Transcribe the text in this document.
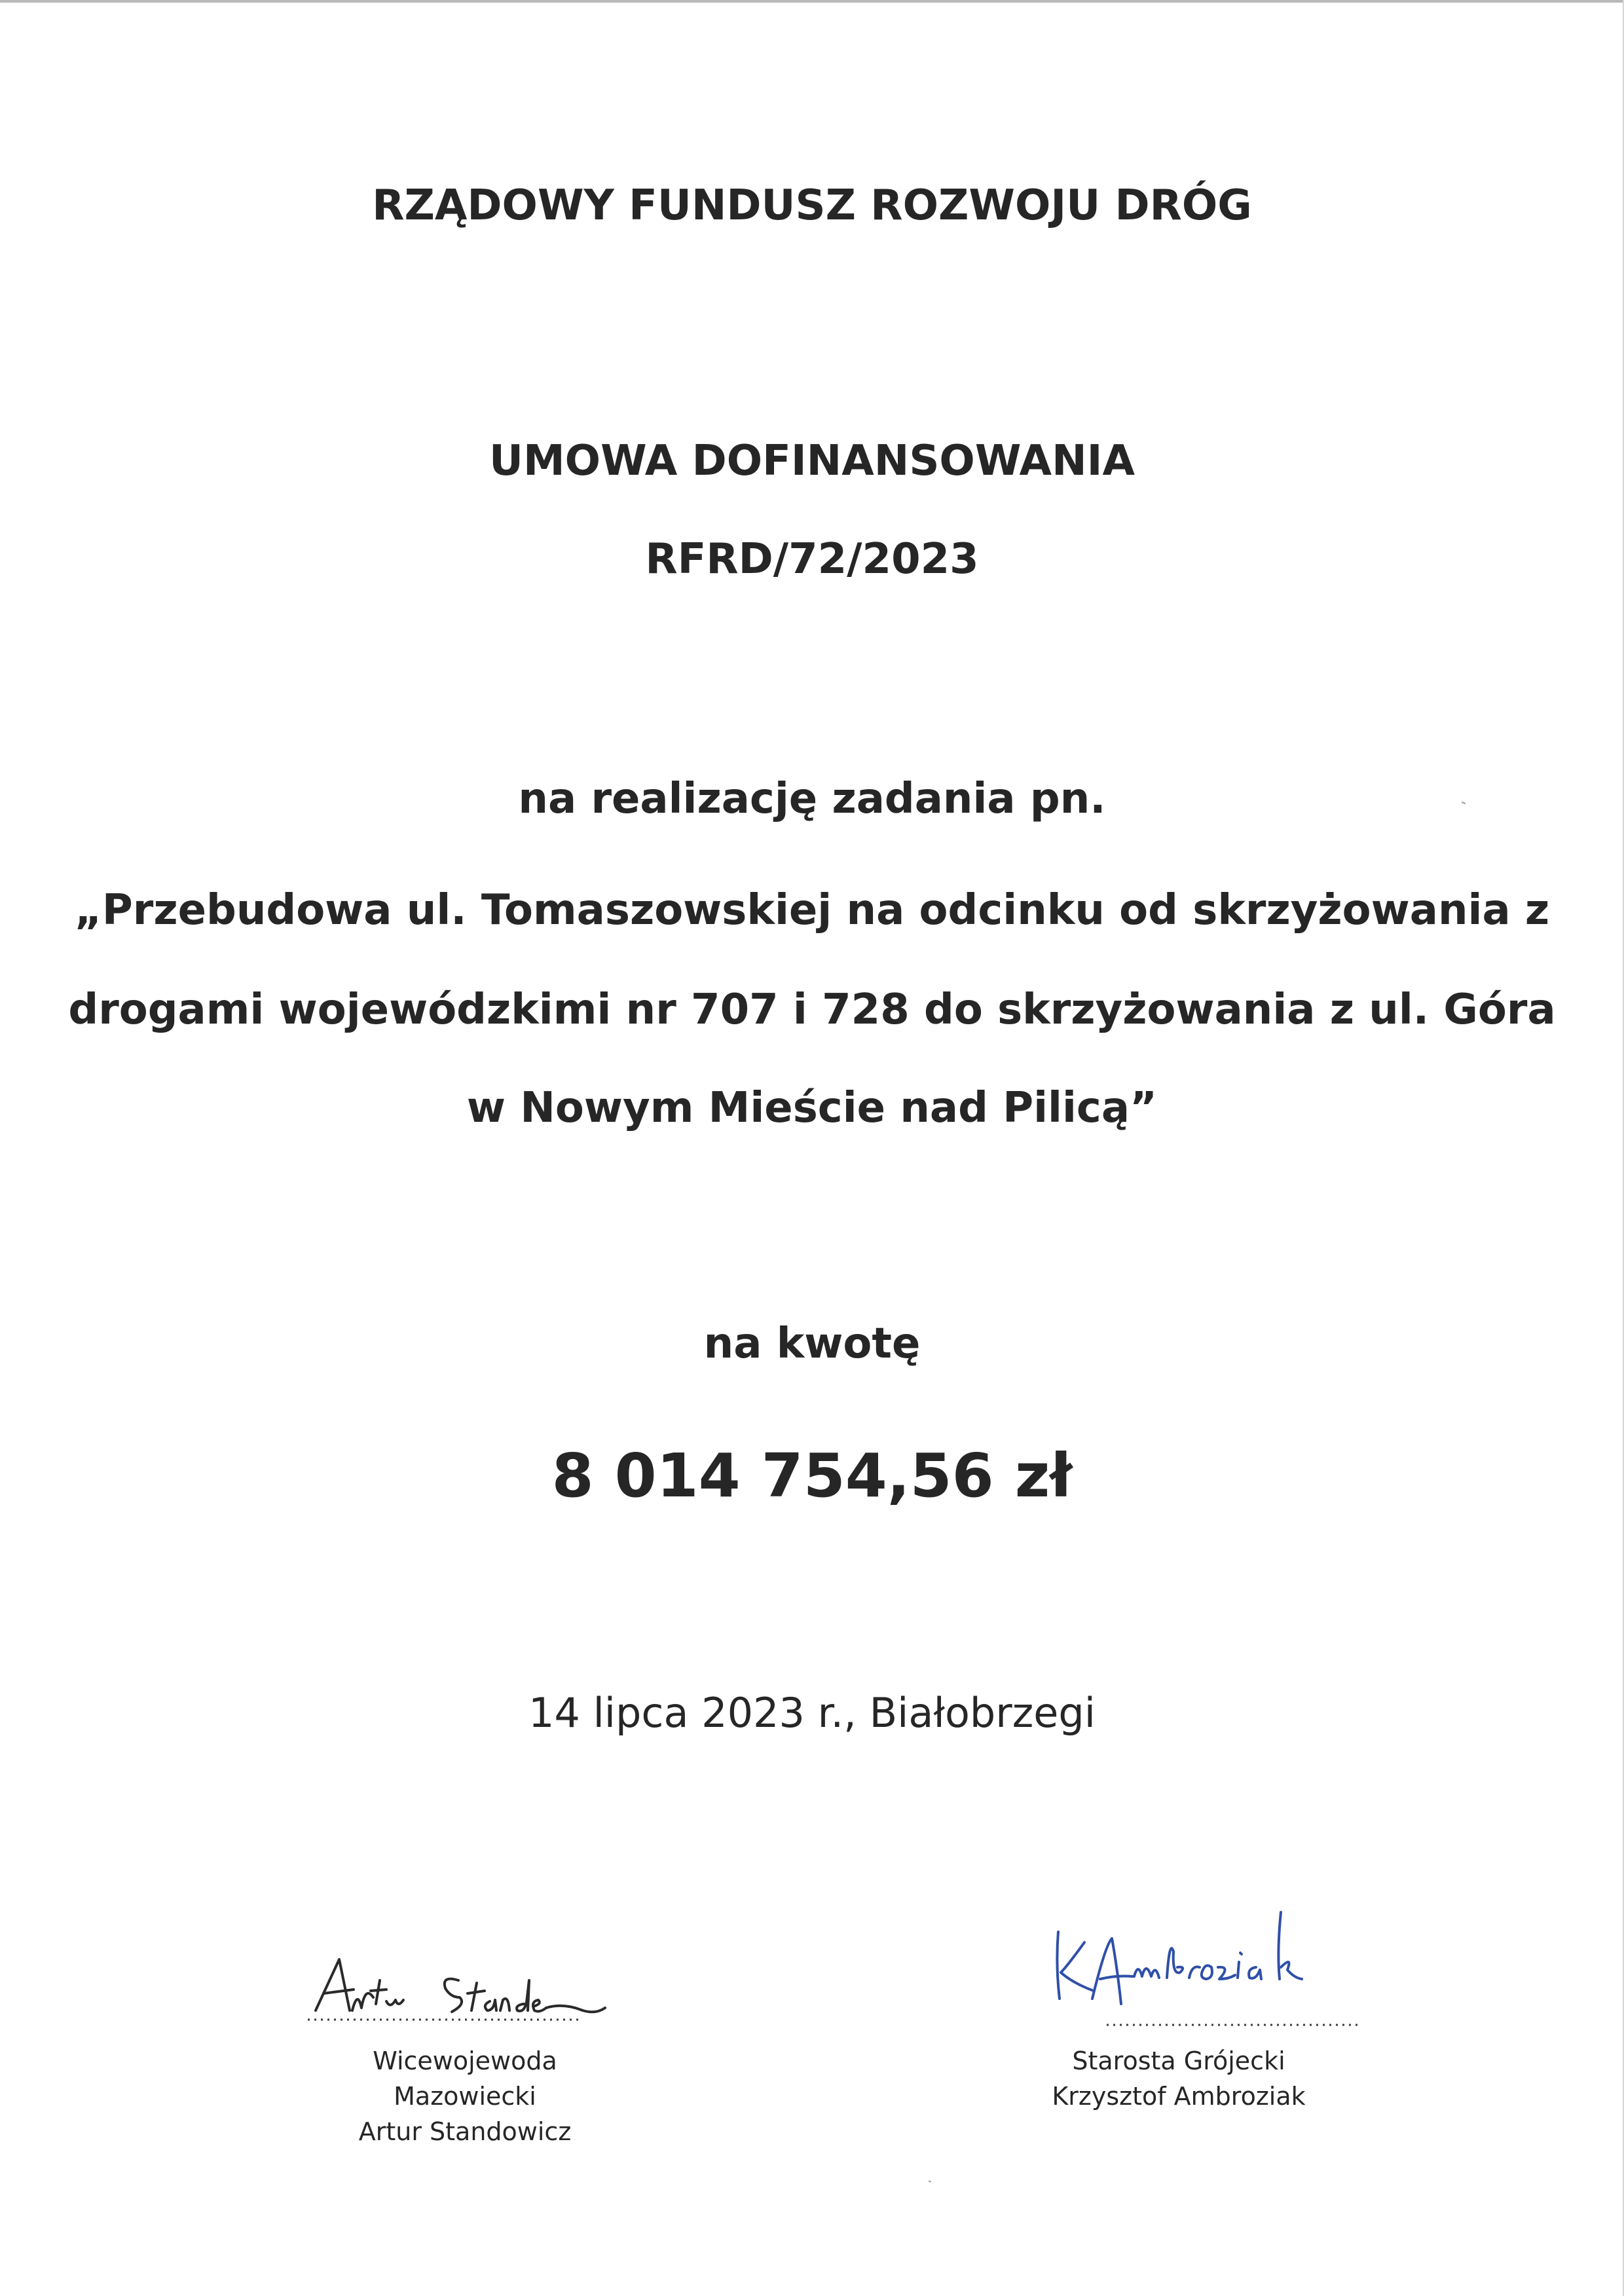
RZĄDOWY FUNDUSZ ROZWOJU DRÓG
UMOWA DOFINANSOWANIA
RFRD/72/2023
na realizację zadania pn.
„Przebudowa ul. Tomaszowskiej na odcinku od skrzyżowania z
drogami wojewódzkimi nr 707 i 728 do skrzyżowania z ul. Góra
w Nowym Mieście nad Pilicą”
na kwotę
8 014 754,56 zł
14 lipca 2023 r., Białobrzegi
Wicewojewoda
Mazowiecki
Artur Standowicz
Starosta Grójecki
Krzysztof Ambroziak
